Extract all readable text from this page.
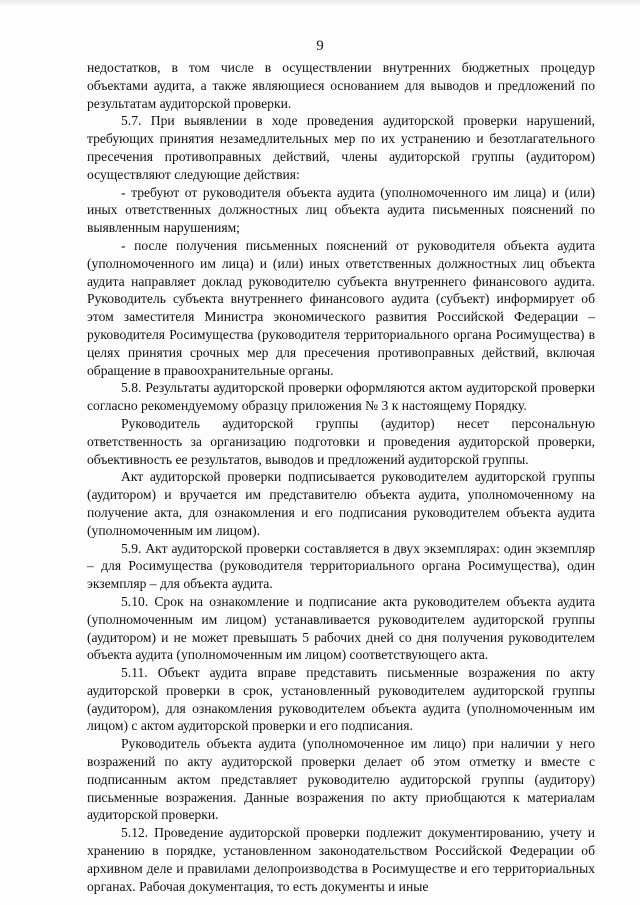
9

недостатков, в том числе в осуществлении внутренних бюджетных процедур объектами аудита, а также являющиеся основанием для выводов и предложений по результатам аудиторской проверки.

5.7. При выявлении в ходе проведения аудиторской проверки нарушений, требующих принятия незамедлительных мер по их устранению и безотлагательного пресечения противоправных действий, члены аудиторской группы (аудитором) осуществляют следующие действия:

- требуют от руководителя объекта аудита (уполномоченного им лица) и (или) иных ответственных должностных лиц объекта аудита письменных пояснений по выявленным нарушениям;

- после получения письменных пояснений от руководителя объекта аудита (уполномоченного им лица) и (или) иных ответственных должностных лиц объекта аудита направляет доклад руководителю субъекта внутреннего финансового аудита. Руководитель субъекта внутреннего финансового аудита (субъект) информирует об этом заместителя Министра экономического развития Российской Федерации – руководителя Росимущества (руководителя территориального органа Росимущества) в целях принятия срочных мер для пресечения противоправных действий, включая обращение в правоохранительные органы.

5.8. Результаты аудиторской проверки оформляются актом аудиторской проверки согласно рекомендуемому образцу приложения № 3 к настоящему Порядку.

Руководитель аудиторской группы (аудитор) несет персональную ответственность за организацию подготовки и проведения аудиторской проверки, объективность ее результатов, выводов и предложений аудиторской группы.

Акт аудиторской проверки подписывается руководителем аудиторской группы (аудитором) и вручается им представителю объекта аудита, уполномоченному на получение акта, для ознакомления и его подписания руководителем объекта аудита (уполномоченным им лицом).

5.9. Акт аудиторской проверки составляется в двух экземплярах: один экземпляр – для Росимущества (руководителя территориального органа Росимущества), один экземпляр – для объекта аудита.

5.10. Срок на ознакомление и подписание акта руководителем объекта аудита (уполномоченным им лицом) устанавливается руководителем аудиторской группы (аудитором) и не может превышать 5 рабочих дней со дня получения руководителем объекта аудита (уполномоченным им лицом) соответствующего акта.

5.11. Объект аудита вправе представить письменные возражения по акту аудиторской проверки в срок, установленный руководителем аудиторской группы (аудитором), для ознакомления руководителем объекта аудита (уполномоченным им лицом) с актом аудиторской проверки и его подписания.

Руководитель объекта аудита (уполномоченное им лицо) при наличии у него возражений по акту аудиторской проверки делает об этом отметку и вместе с подписанным актом представляет руководителю аудиторской группы (аудитору) письменные возражения. Данные возражения по акту приобщаются к материалам аудиторской проверки.

5.12. Проведение аудиторской проверки подлежит документированию, учету и хранению в порядке, установленном законодательством Российской Федерации об архивном деле и правилами делопроизводства в Росимуществе и его территориальных органах. Рабочая документация, то есть документы и иные
